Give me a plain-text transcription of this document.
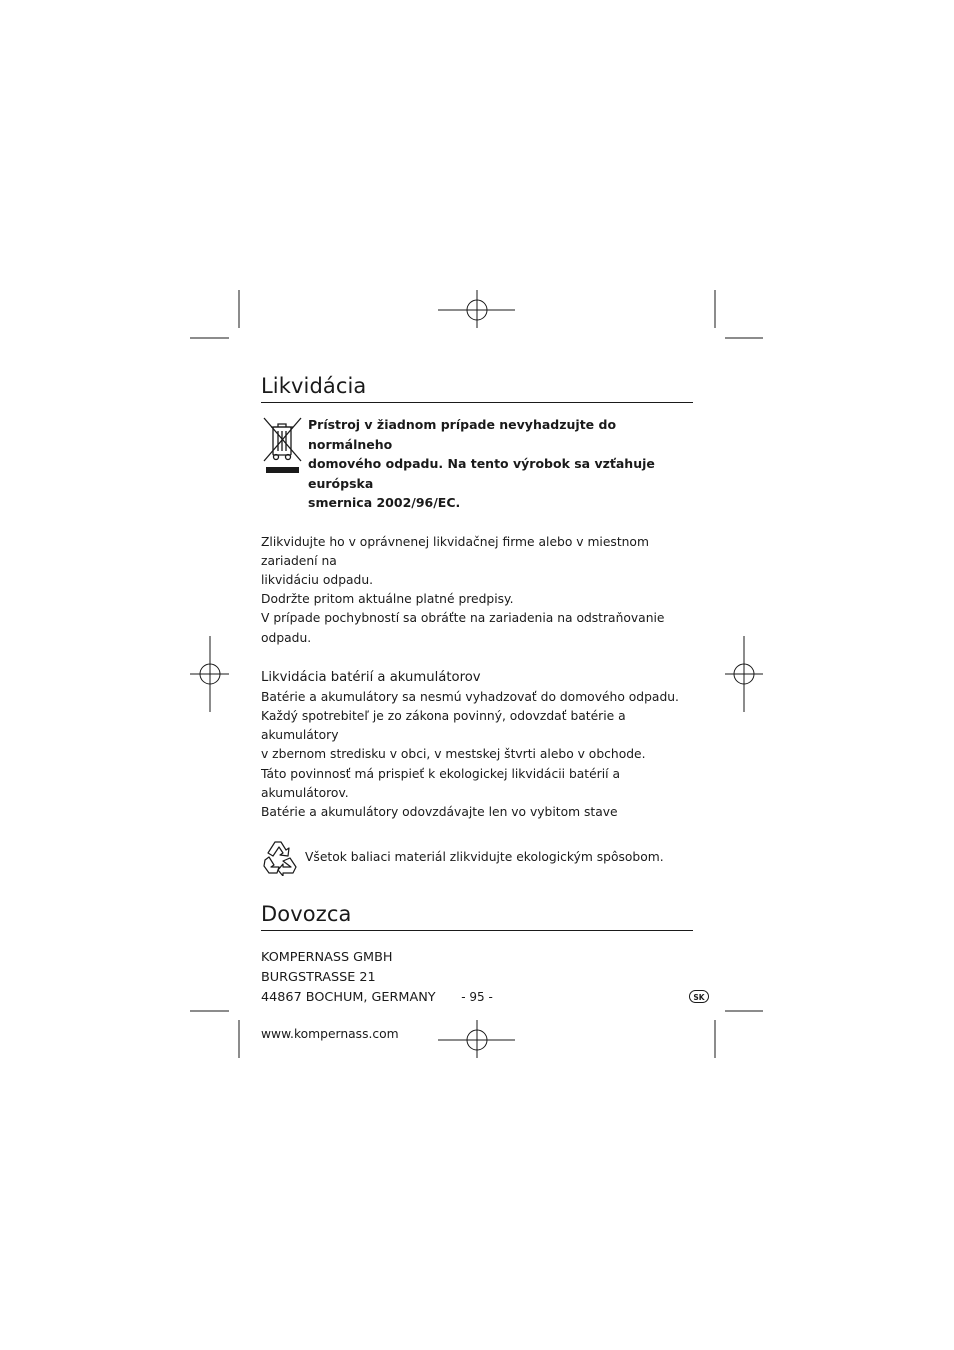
Likvidácia
Prístroj v žiadnom prípade nevyhadzujte do normálneho
domového odpadu. Na tento výrobok sa vzťahuje európska
smernica 2002/96/EC.

Zlikvidujte ho v oprávnenej likvidačnej firme alebo v miestnom zariadení na

likvidáciu odpadu.

Dodržte pritom aktuálne platné predpisy.

V prípade pochybností sa obráťte na zariadenia na odstraňovanie odpadu.

Likvidácia batérií a akumulátorov

Batérie a akumulátory sa nesmú vyhadzovať do domového odpadu.

Každý spotrebiteľ je zo zákona povinný, odovzdať batérie a akumulátory

v zbernom stredisku v obci, v mestskej štvrti alebo v obchode.

Táto povinnosť má prispieť k ekologickej likvidácii batérií a akumulátorov.

Batérie a akumulátory odovzdávajte len vo vybitom stave

Všetok baliaci materiál zlikvidujte ekologickým spôsobom.
Dovozca
KOMPERNASS GMBH
BURGSTRASSE 21
44867 BOCHUM, GERMANY
www.kompernass.com
- 95 -	SK
